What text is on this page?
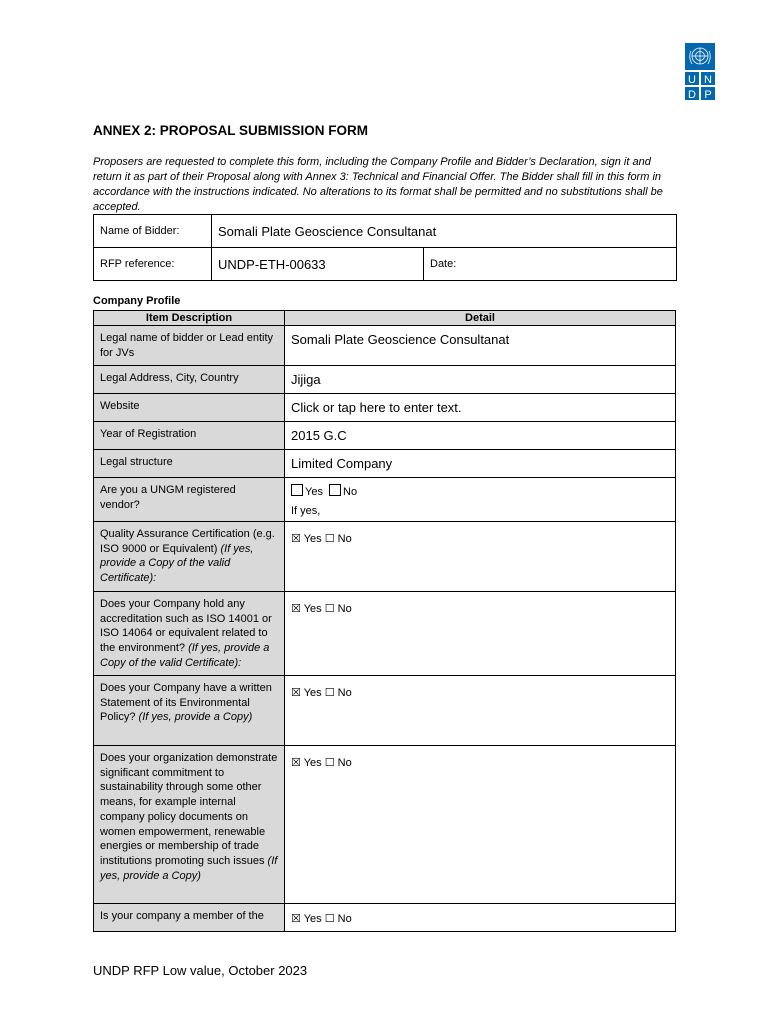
U N
D P
ANNEX 2: PROPOSAL SUBMISSION FORM
Proposers are requested to complete this form, including the Company Profile and Bidder’s Declaration, sign it and return it as part of their Proposal along with Annex 3: Technical and Financial Offer. The Bidder shall fill in this form in accordance with the instructions indicated. No alterations to its format shall be permitted and no substitutions shall be accepted.
Name of Bidder:	Somali Plate Geoscience Consultanat	
RFP reference:	UNDP-ETH-00633	Date:
Company Profile
Item Description	Detail
Legal name of bidder or Lead entity for JVs	Somali Plate Geoscience Consultanat
Legal Address, City, Country	Jijiga
Website	Click or tap here to enter text.
Year of Registration	2015 G.C
Legal structure	Limited Company
Are you a UNGM registered vendor?	Yes No
If yes,

Quality Assurance Certification (e.g. ISO 9000 or Equivalent) (If yes, provide a Copy of the valid Certificate):	☒ Yes ☐ No
Does your Company hold any accreditation such as ISO 14001 or ISO 14064 or equivalent related to the environment? (If yes, provide a Copy of the valid Certificate):	☒ Yes ☐ No
Does your Company have a written Statement of its Environmental Policy? (If yes, provide a Copy)	☒ Yes ☐ No
Does your organization demonstrate significant commitment to sustainability through some other means, for example internal company policy documents on women empowerment, renewable energies or membership of trade institutions promoting such issues (If yes, provide a Copy)	☒ Yes ☐ No
Is your company a member of the	☒ Yes ☐ No
UNDP RFP Low value, October 2023
